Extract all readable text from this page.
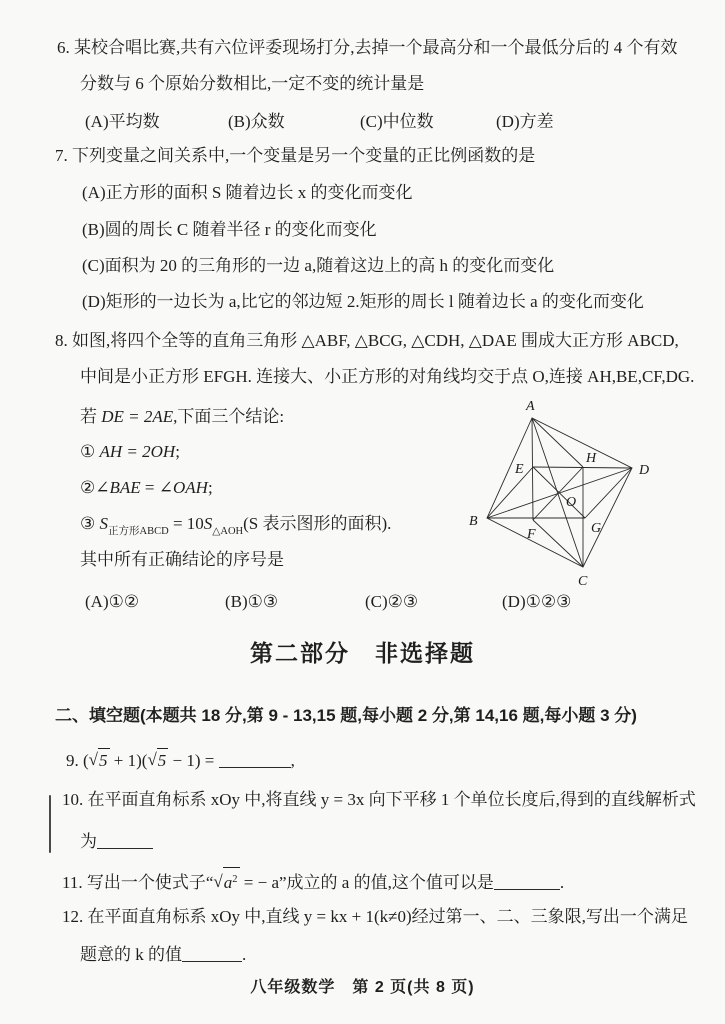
6. 某校合唱比赛,共有六位评委现场打分,去掉一个最高分和一个最低分后的 4 个有效
分数与 6 个原始分数相比,一定不变的统计量是
(A)平均数	(B)众数	(C)中位数	(D)方差
7. 下列变量之间关系中,一个变量是另一个变量的正比例函数的是
(A)正方形的面积 S 随着边长 x 的变化而变化
(B)圆的周长 C 随着半径 r 的变化而变化
(C)面积为 20 的三角形的一边 a,随着这边上的高 h 的变化而变化
(D)矩形的一边长为 a,比它的邻边短 2.矩形的周长 l 随着边长 a 的变化而变化
8. 如图,将四个全等的直角三角形 △ABF, △BCG, △CDH, △DAE 围成大正方形 ABCD,
中间是小正方形 EFGH. 连接大、小正方形的对角线均交于点 O,连接 AH,BE,CF,DG.
若 DE = 2AE,下面三个结论:
① AH = 2OH;
②∠BAE = ∠OAH;
③ $S_{正方形ABCD} = 10S_{\triangle AOH}(S$ 表示图形的面积).
其中所有正确结论的序号是
(A)①②	(B)①③	(C)②③	(D)①②③
A
B
C
D
E
F	G
H
O
第二部分　非选择题
二、填空题(本题共 18 分,第 9 - 13,15 题,每小题 2 分,第 14,16 题,每小题 3 分)
9. (√5 + 1)(√5 − 1) =	,
10. 在平面直角标系 xOy 中,将直线 y = 3x 向下平移 1 个单位长度后,得到的直线解析式
为
11. 写出一个使式子“$√a^2$ = − a”成立的 a 的值,这个值可以是	.
12. 在平面直角标系 xOy 中,直线 y = kx + 1(k≠0)经过第一、二、三象限,写出一个满足
题意的 k 的值	.
八年级数学　第 2 页(共 8 页)
